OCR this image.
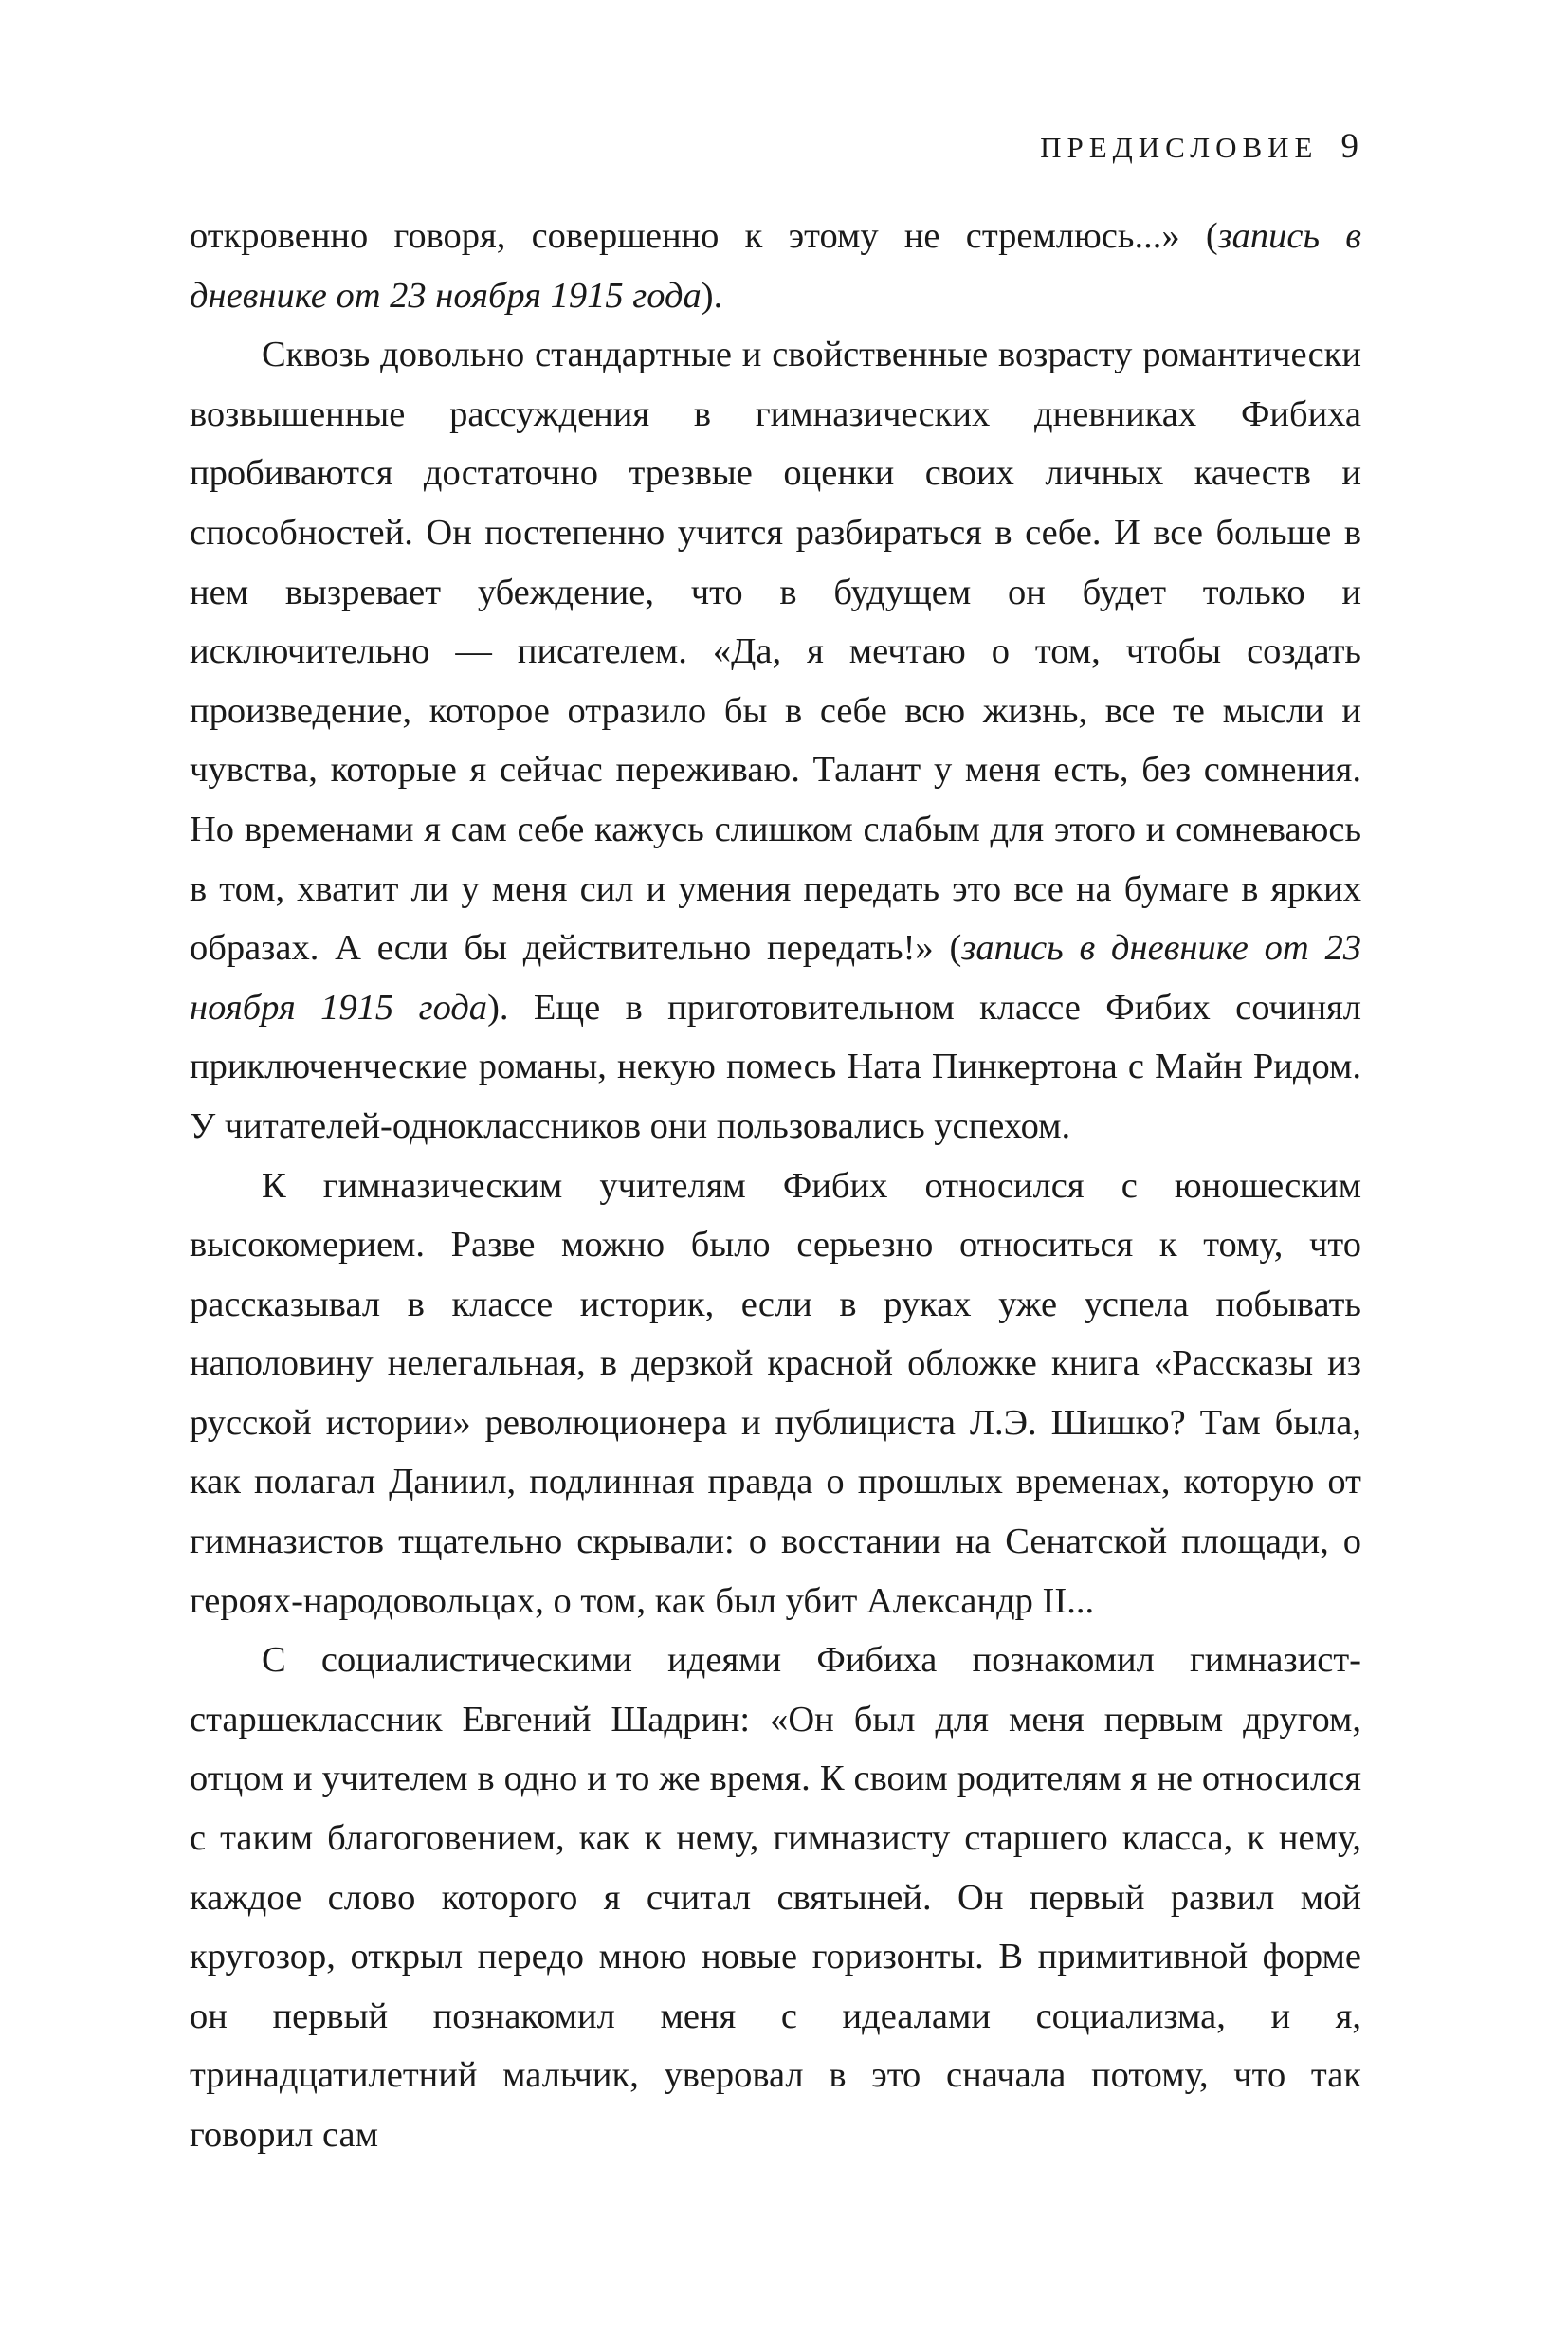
ПРЕДИСЛОВИЕ 9

откровенно говоря, совершенно к этому не стремлюсь...» (запись в дневнике от 23 ноября 1915 года).

Сквозь довольно стандартные и свойственные возрасту романтически возвышенные рассуждения в гимназических дневниках Фибиха пробиваются достаточно трезвые оценки своих личных качеств и способностей. Он постепенно учится разбираться в себе. И все больше в нем вызревает убеждение, что в будущем он будет только и исключительно — писателем. «Да, я мечтаю о том, чтобы создать произведение, которое отразило бы в себе всю жизнь, все те мысли и чувства, которые я сейчас переживаю. Талант у меня есть, без сомнения. Но временами я сам себе кажусь слишком слабым для этого и сомневаюсь в том, хватит ли у меня сил и умения передать это все на бумаге в ярких образах. А если бы действительно передать!» (запись в дневнике от 23 ноября 1915 года). Еще в приготовительном классе Фибих сочинял приключенческие романы, некую помесь Ната Пинкертона с Майн Ридом. У читателей-одноклассников они пользовались успехом.

К гимназическим учителям Фибих относился с юношеским высокомерием. Разве можно было серьезно относиться к тому, что рассказывал в классе историк, если в руках уже успела побывать наполовину нелегальная, в дерзкой красной обложке книга «Рассказы из русской истории» революционера и публициста Л.Э. Шишко? Там была, как полагал Даниил, подлинная правда о прошлых временах, которую от гимназистов тщательно скрывали: о восстании на Сенатской площади, о героях-народовольцах, о том, как был убит Александр II...

С социалистическими идеями Фибиха познакомил гимназист-старшеклассник Евгений Шадрин: «Он был для меня первым другом, отцом и учителем в одно и то же время. К своим родителям я не относился с таким благоговением, как к нему, гимназисту старшего класса, к нему, каждое слово которого я считал святыней. Он первый развил мой кругозор, открыл передо мною новые горизонты. В примитивной форме он первый познакомил меня с идеалами социализма, и я, тринадцатилетний мальчик, уверовал в это сначала потому, что так говорил сам
